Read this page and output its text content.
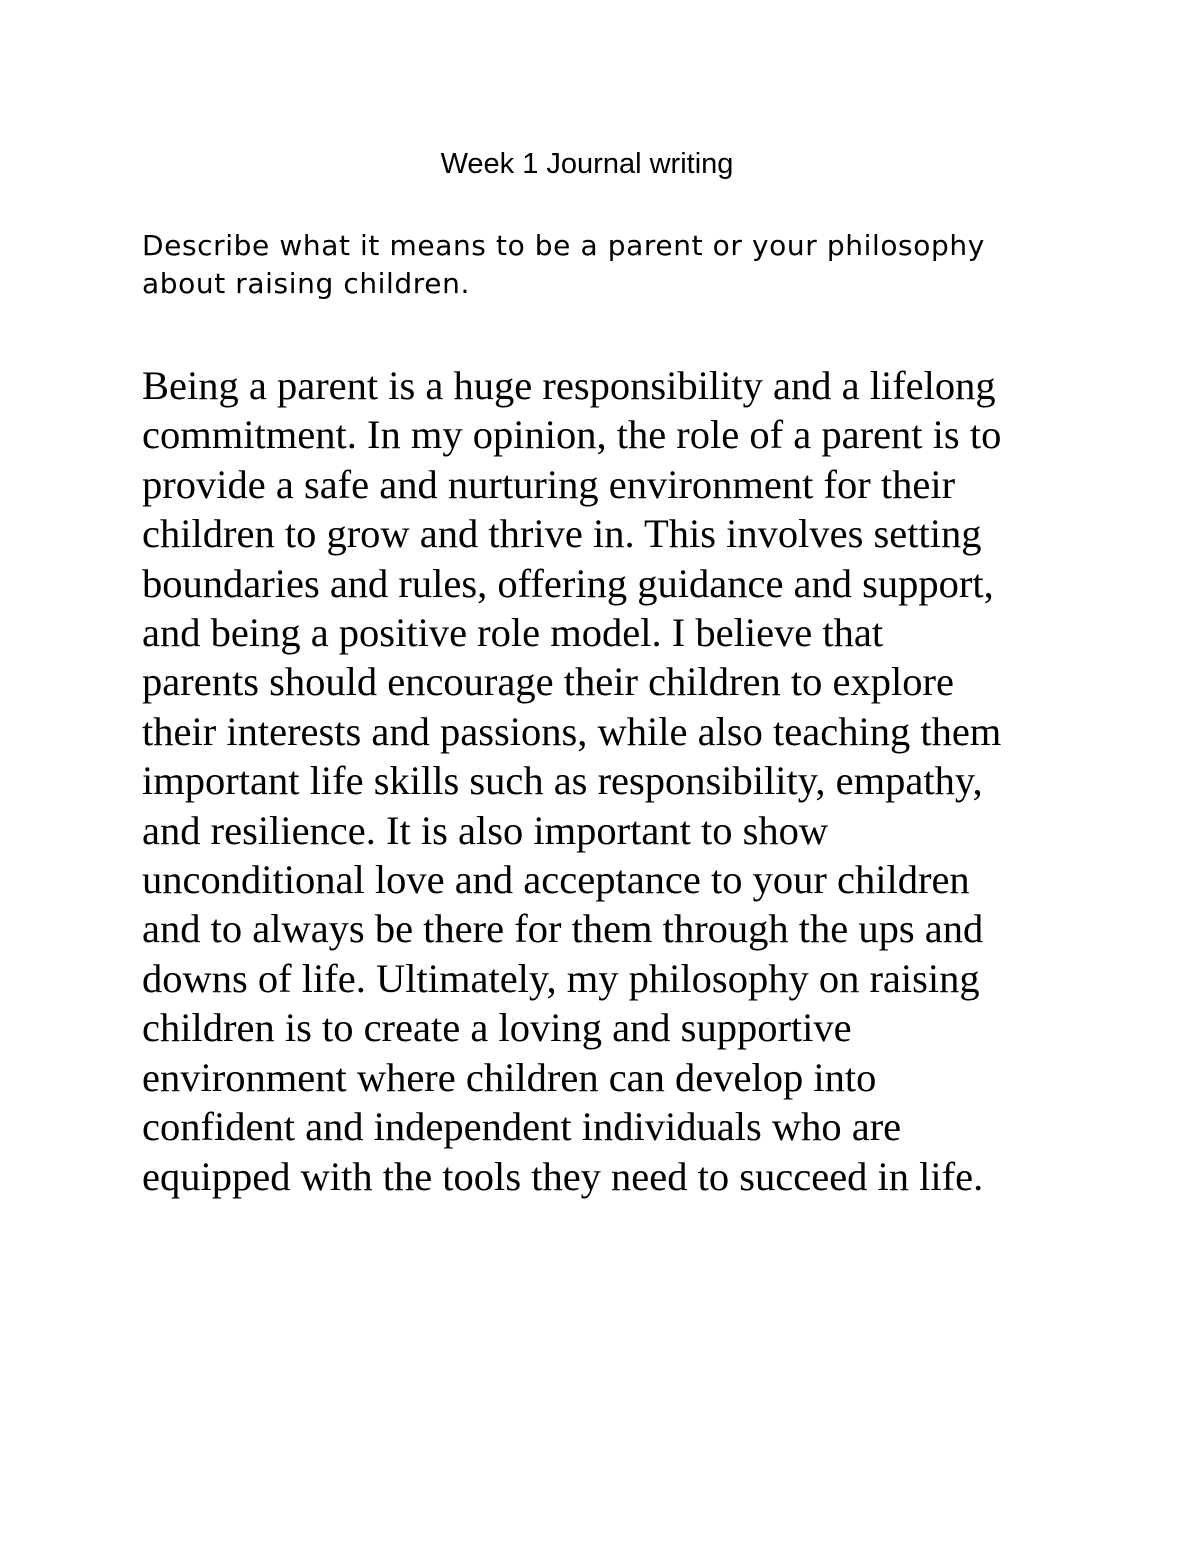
Week 1 Journal writing

Describe what it means to be a parent or your philosophy
about raising children.

Being a parent is a huge responsibility and a lifelong
commitment. In my opinion, the role of a parent is to
provide a safe and nurturing environment for their
children to grow and thrive in. This involves setting
boundaries and rules, offering guidance and support,
and being a positive role model. I believe that
parents should encourage their children to explore
their interests and passions, while also teaching them
important life skills such as responsibility, empathy,
and resilience. It is also important to show
unconditional love and acceptance to your children
and to always be there for them through the ups and
downs of life. Ultimately, my philosophy on raising
children is to create a loving and supportive
environment where children can develop into
confident and independent individuals who are
equipped with the tools they need to succeed in life.
